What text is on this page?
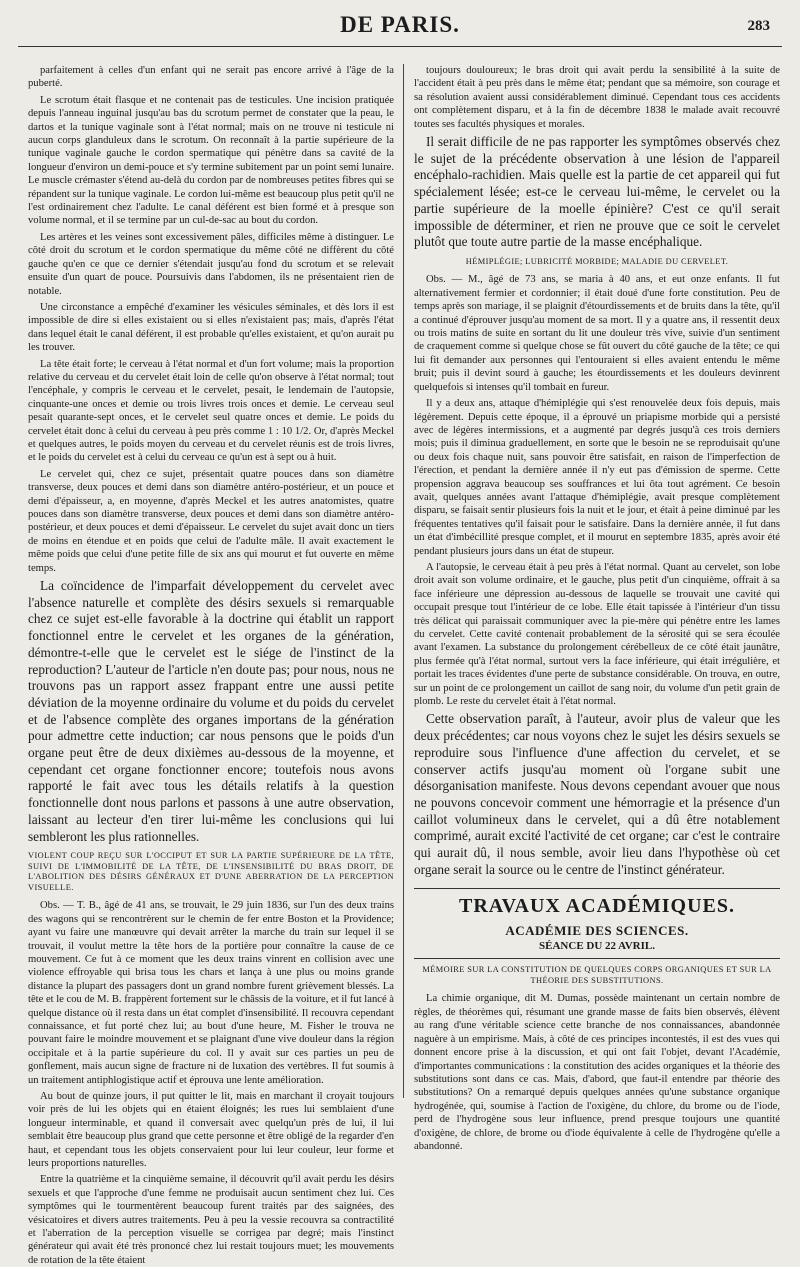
DE PARIS.	283

parfaitement à celles d'un enfant qui ne serait pas encore arrivé à l'âge de la puberté.

Le scrotum était flasque et ne contenait pas de testicules. Une incision pratiquée depuis l'anneau inguinal jusqu'au bas du scrotum permet de constater que la peau, le dartos et la tunique vaginale sont à l'état normal; mais on ne trouve ni testicule ni aucun corps glanduleux dans le scrotum. On reconnaît à la partie supérieure de la tunique vaginale gauche le cordon spermatique qui pénètre dans sa cavité de la longueur d'environ un demi-pouce et s'y termine subitement par un point semi lunaire. Le muscle crémaster s'étend au-delà du cordon par de nombreuses petites fibres qui se répandent sur la tunique vaginale. Le cordon lui-même est beaucoup plus petit qu'il ne l'est ordinairement chez l'adulte. Le canal déférent est bien formé et à presque son volume normal, et il se termine par un cul-de-sac au bout du cordon.

Les artères et les veines sont excessivement pâles, difficiles même à distinguer. Le côté droit du scrotum et le cordon spermatique du même côté ne diffèrent du côté gauche qu'en ce que ce dernier s'étendait jusqu'au fond du scrotum et se relevait ensuite d'un quart de pouce. Poursuivis dans l'abdomen, ils ne présentaient rien de notable.

Une circonstance a empêché d'examiner les vésicules séminales, et dès lors il est impossible de dire si elles existaient ou si elles n'existaient pas; mais, d'après l'état dans lequel était le canal déférent, il est probable qu'elles existaient, et qu'on aurait pu les trouver.

La tête était forte; le cerveau à l'état normal et d'un fort volume; mais la proportion relative du cerveau et du cervelet était loin de celle qu'on observe à l'état normal; tout l'encéphale, y compris le cerveau et le cervelet, pesait, le lendemain de l'autopsie, cinquante-une onces et demie ou trois livres trois onces et demie. Le cerveau seul pesait quarante-sept onces, et le cervelet seul quatre onces et demie. Le poids du cervelet était donc à celui du cerveau à peu près comme 1 : 10 1/2. Or, d'après Meckel et quelques autres, le poids moyen du cerveau et du cervelet réunis est de trois livres, et le poids du cervelet est à celui du cerveau ce qu'un est à sept ou à huit.

Le cervelet qui, chez ce sujet, présentait quatre pouces dans son diamètre transverse, deux pouces et demi dans son diamètre antéro-postérieur, et un pouce et demi d'épaisseur, a, en moyenne, d'après Meckel et les autres anatomistes, quatre pouces dans son diamètre transverse, deux pouces et demi dans son diamètre antéro-postérieur, et deux pouces et demi d'épaisseur. Le cervelet du sujet avait donc un tiers de moins en étendue et en poids que celui de l'adulte mâle. Il avait exactement le même poids que celui d'une petite fille de six ans qui mourut et fut ouverte en même temps.

La coïncidence de l'imparfait développement du cervelet avec l'absence naturelle et complète des désirs sexuels si remarquable chez ce sujet est-elle favorable à la doctrine qui établit un rapport fonctionnel entre le cervelet et les organes de la génération, démontre-t-elle que le cervelet est le siége de l'instinct de la reproduction? L'auteur de l'article n'en doute pas; pour nous, nous ne trouvons pas un rapport assez frappant entre une aussi petite déviation de la moyenne ordinaire du volume et du poids du cervelet et de l'absence complète des organes importans de la génération pour admettre cette induction; car nous pensons que le poids d'un organe peut être de deux dixièmes au-dessous de la moyenne, et cependant cet organe fonctionner encore; toutefois nous avons rapporté le fait avec tous les détails relatifs à la question fonctionnelle dont nous parlons et passons à une autre observation, laissant au lecteur d'en tirer lui-même les conclusions qui lui sembleront les plus rationnelles.

VIOLENT COUP REÇU SUR L'OCCIPUT ET SUR LA PARTIE SUPÉRIEURE DE LA TÊTE, SUIVI DE L'IMMOBILITÉ DE LA TÊTE, DE L'INSENSIBILITÉ DU BRAS DROIT, DE L'ABOLITION DES DÉSIRS GÉNÉRAUX ET D'UNE ABERRATION DE LA PERCEPTION VISUELLE.

Obs. — T. B., âgé de 41 ans, se trouvait, le 29 juin 1836, sur l'un des deux trains des wagons qui se rencontrèrent sur le chemin de fer entre Boston et la Providence; ayant vu faire une manœuvre qui devait arrêter la marche du train sur lequel il se trouvait, il voulut mettre la tête hors de la portière pour connaître la cause de ce mouvement. Ce fut à ce moment que les deux trains vinrent en collision avec une violence effroyable qui brisa tous les chars et lança à une plus ou moins grande distance la plupart des passagers dont un grand nombre furent grièvement blessés. La tête et le cou de M. B. frappèrent fortement sur le châssis de la voiture, et il fut lancé à quelque distance où il resta dans un état complet d'insensibilité. Il recouvra cependant connaissance, et fut porté chez lui; au bout d'une heure, M. Fisher le trouva ne pouvant faire le moindre mouvement et se plaignant d'une vive douleur dans la région occipitale et à la partie supérieure du col. Il y avait sur ces parties un peu de gonflement, mais aucun signe de fracture ni de luxation des vertèbres. Il fut soumis à un traitement antiphlogistique actif et éprouva une lente amélioration.

Au bout de quinze jours, il put quitter le lit, mais en marchant il croyait toujours voir près de lui les objets qui en étaient éloignés; les rues lui semblaient d'une longueur interminable, et quand il conversait avec quelqu'un près de lui, il lui semblait être beaucoup plus grand que cette personne et être obligé de la regarder d'en haut, et cependant tous les objets conservaient pour lui leur couleur, leur forme et leurs proportions naturelles.

Entre la quatrième et la cinquième semaine, il découvrit qu'il avait perdu les désirs sexuels et que l'approche d'une femme ne produisait aucun sentiment chez lui. Ces symptômes qui le tourmentèrent beaucoup furent traités par des saignées, des vésicatoires et divers autres traitements. Peu à peu la vessie recouvra sa contractilité et l'aberration de la perception visuelle se corrigea par degré; mais l'instinct générateur qui avait été très prononcé chez lui restait toujours muet; les mouvements de rotation de la tête étaient

toujours douloureux; le bras droit qui avait perdu la sensibilité à la suite de l'accident était à peu près dans le même état; pendant que sa mémoire, son courage et sa résolution avaient aussi considérablement diminué. Cependant tous ces accidents ont complètement disparu, et à la fin de décembre 1838 le malade avait recouvré toutes ses facultés physiques et morales.

Il serait difficile de ne pas rapporter les symptômes observés chez le sujet de la précédente observation à une lésion de l'appareil encéphalo-rachidien. Mais quelle est la partie de cet appareil qui fut spécialement lésée; est-ce le cerveau lui-même, le cervelet ou la partie supérieure de la moelle épinière? C'est ce qu'il serait impossible de déterminer, et rien ne prouve que ce soit le cervelet plutôt que toute autre partie de la masse encéphalique.

HÉMIPLÉGIE; LUBRICITÉ MORBIDE; MALADIE DU CERVELET.

Obs. — M., âgé de 73 ans, se maria à 40 ans, et eut onze enfants. Il fut alternativement fermier et cordonnier; il était doué d'une forte constitution. Peu de temps après son mariage, il se plaignit d'étourdissements et de bruits dans la tête, qu'il a continué d'éprouver jusqu'au moment de sa mort. Il y a quatre ans, il ressentit deux ou trois matins de suite en sortant du lit une douleur très vive, suivie d'un sentiment de craquement comme si quelque chose se fût ouvert du côté gauche de la tête; ce qui lui fit demander aux personnes qui l'entouraient si elles avaient entendu le même bruit; puis il devint sourd à gauche; les étourdissements et les douleurs devinrent quelquefois si intenses qu'il tombait en fureur.

Il y a deux ans, attaque d'hémiplégie qui s'est renouvelée deux fois depuis, mais légèrement. Depuis cette époque, il a éprouvé un priapisme morbide qui a persisté avec de légères intermissions, et a augmenté par degrés jusqu'à ces trois derniers mois; puis il diminua graduellement, en sorte que le besoin ne se reproduisait qu'une ou deux fois chaque nuit, sans pouvoir être satisfait, en raison de l'imperfection de l'érection, et pendant la dernière année il n'y eut pas d'émission de sperme. Cette propension aggrava beaucoup ses souffrances et lui ôta tout agrément. Ce besoin avait, quelques années avant l'attaque d'hémiplégie, avait presque complètement disparu, se faisait sentir plusieurs fois la nuit et le jour, et était à peine diminué par les fréquentes tentatives qu'il faisait pour le satisfaire. Dans la dernière année, il fut dans un état d'imbécillité presque complet, et il mourut en septembre 1835, après avoir été pendant plusieurs jours dans un état de stupeur.

A l'autopsie, le cerveau était à peu près à l'état normal. Quant au cervelet, son lobe droit avait son volume ordinaire, et le gauche, plus petit d'un cinquième, offrait à sa face inférieure une dépression au-dessous de laquelle se trouvait une cavité qui occupait presque tout l'intérieur de ce lobe. Elle était tapissée à l'intérieur d'un tissu très délicat qui paraissait communiquer avec la pie-mère qui pénètre entre les lames du cervelet. Cette cavité contenait probablement de la sérosité qui se sera écoulée avant l'examen. La substance du prolongement cérébelleux de ce côté était jaunâtre, plus fermée qu'à l'état normal, surtout vers la face inférieure, qui était irrégulière, et portait les traces évidentes d'une perte de substance considérable. On trouva, en outre, sur un point de ce prolongement un caillot de sang noir, du volume d'un petit grain de plomb. Le reste du cervelet était à l'état normal.

Cette observation paraît, à l'auteur, avoir plus de valeur que les deux précédentes; car nous voyons chez le sujet les désirs sexuels se reproduire sous l'influence d'une affection du cervelet, et se conserver actifs jusqu'au moment où l'organe subit une désorganisation manifeste. Nous devons cependant avouer que nous ne pouvons concevoir comment une hémorragie et la présence d'un caillot volumineux dans le cervelet, qui a dû être notablement comprimé, aurait excité l'activité de cet organe; car c'est le contraire qui aurait dû, il nous semble, avoir lieu dans l'hypothèse où cet organe serait la source ou le centre de l'instinct générateur.

TRAVAUX ACADÉMIQUES.
ACADÉMIE DES SCIENCES.
SÉANCE DU 22 AVRIL.
MÉMOIRE SUR LA CONSTITUTION DE QUELQUES CORPS ORGANIQUES ET SUR LA THÉORIE DES SUBSTITUTIONS.

La chimie organique, dit M. Dumas, possède maintenant un certain nombre de règles, de théorèmes qui, résumant une grande masse de faits bien observés, élèvent au rang d'une véritable science cette branche de nos connaissances, abandonnée naguère à un empirisme. Mais, à côté de ces principes incontestés, il est des vues qui donnent encore prise à la discussion, et qui ont fait l'objet, devant l'Académie, d'importantes communications : la constitution des acides organiques et la théorie des substitutions sont dans ce cas. Mais, d'abord, que faut-il entendre par théorie des substitutions? On a remarqué depuis quelques années qu'une substance organique hydrogénée, qui, soumise à l'action de l'oxigène, du chlore, du brome ou de l'iode, perd de l'hydrogène sous leur influence, prend presque toujours une quantité d'oxigène, de chlore, de brome ou d'iode équivalente à celle de l'hydrogène qu'elle a abandonné.
